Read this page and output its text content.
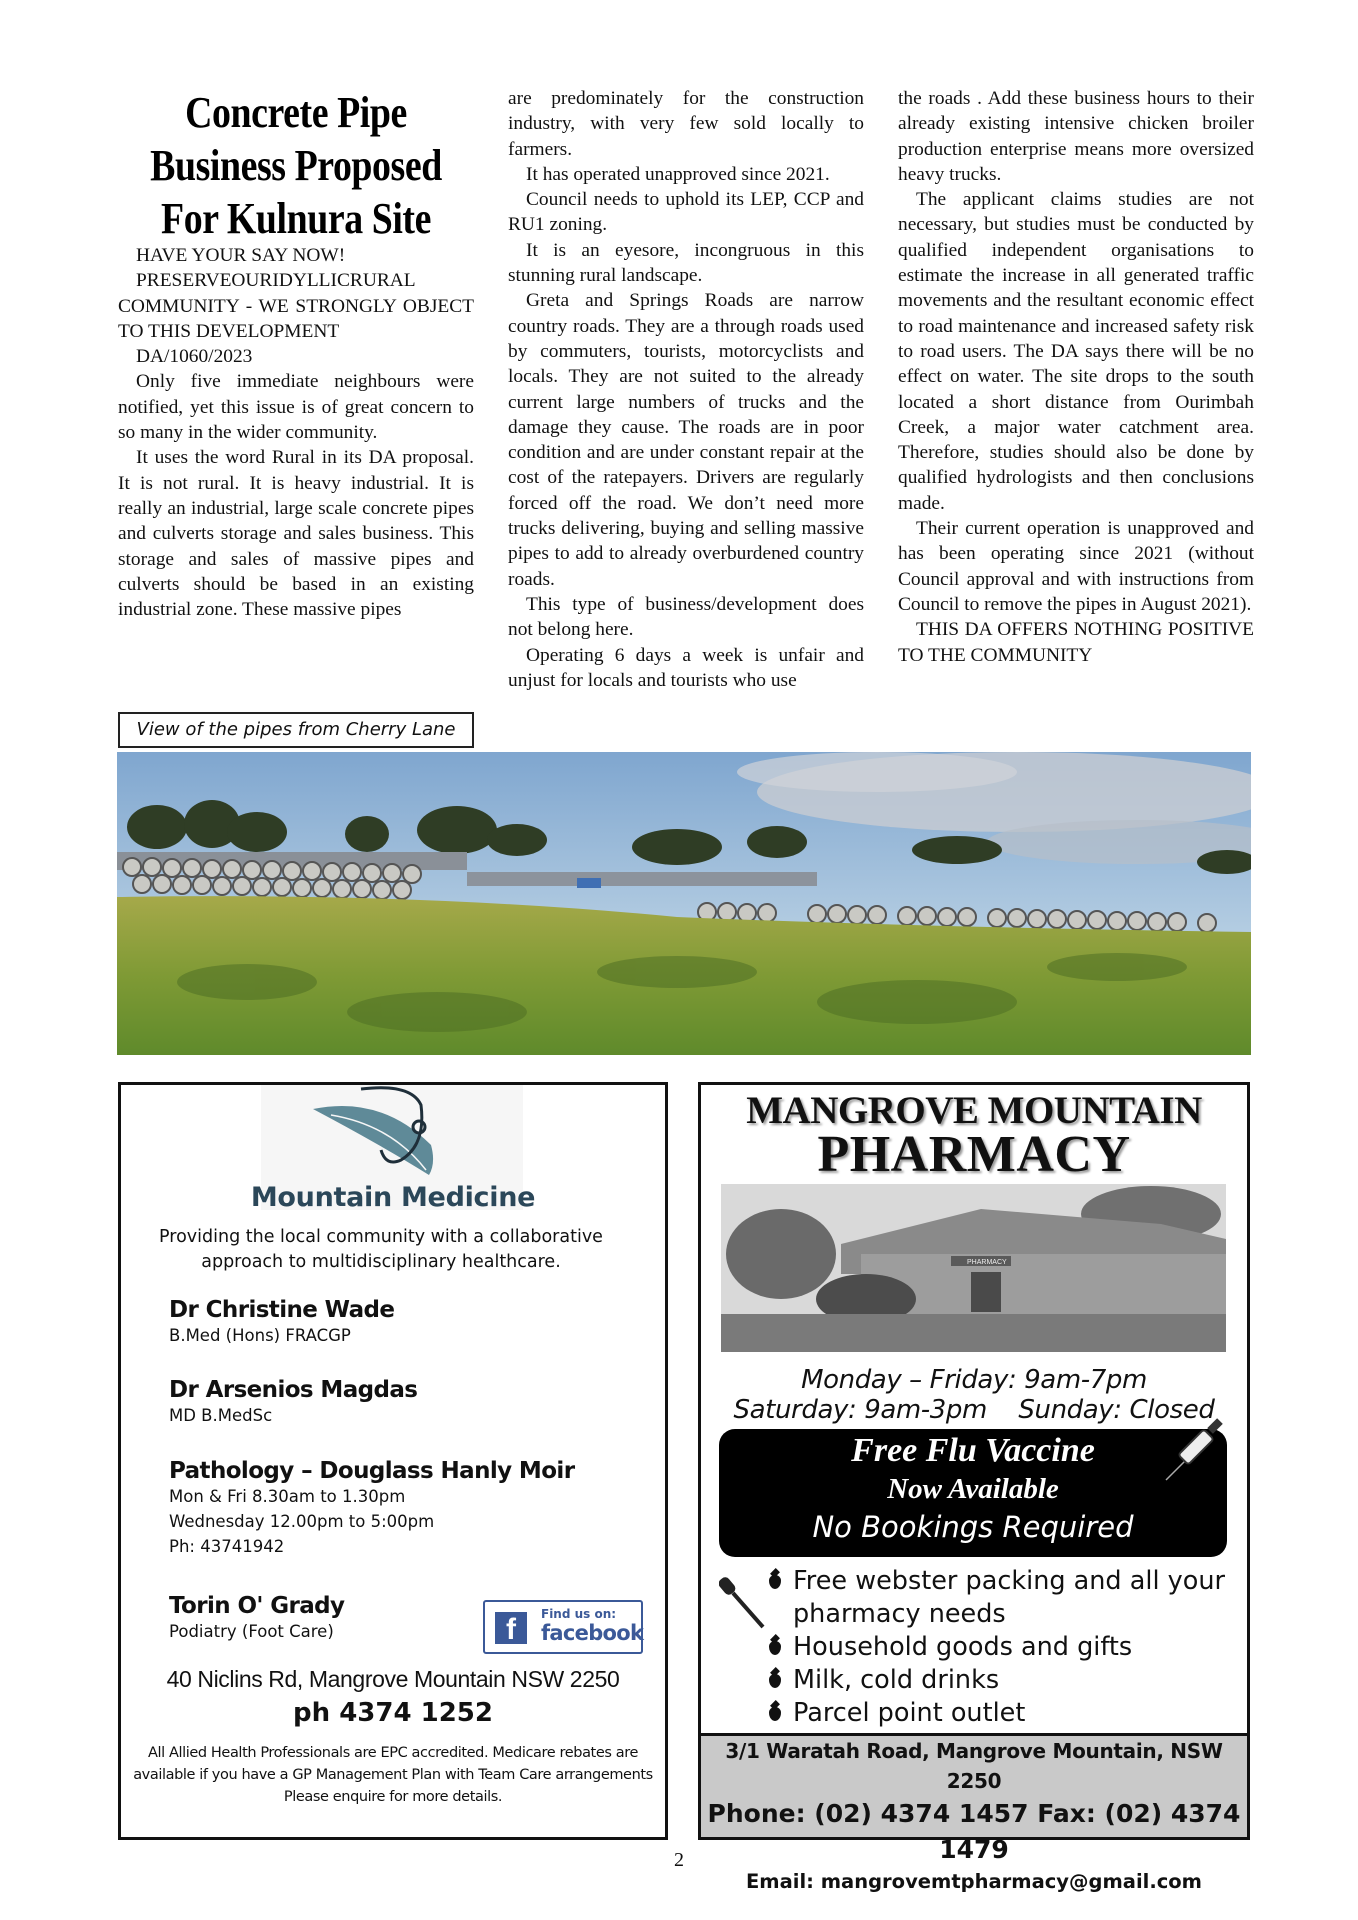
Concrete Pipe
Business Proposed
For Kulnura Site

HAVE YOUR SAY NOW!

PRESERVEOURIDYLLICRURAL COMMUNITY - WE STRONGLY OBJECT TO THIS DEVELOPMENT

DA/1060/2023

Only five immediate neighbours were notified, yet this issue is of great concern to so many in the wider community.

It uses the word Rural in its DA proposal. It is not rural. It is heavy industrial. It is really an industrial, large scale concrete pipes and culverts storage and sales business. This storage and sales of massive pipes and culverts should be based in an existing industrial zone. These massive pipes

are predominately for the construction industry, with very few sold locally to farmers.

It has operated unapproved since 2021.

Council needs to uphold its LEP, CCP and RU1 zoning.

It is an eyesore, incongruous in this stunning rural landscape.

Greta and Springs Roads are narrow country roads. They are a through roads used by commuters, tourists, motorcyclists and locals. They are not suited to the already current large numbers of trucks and the damage they cause. The roads are in poor condition and are under constant repair at the cost of the ratepayers. Drivers are regularly forced off the road. We don’t need more trucks delivering, buying and selling massive pipes to add to already overburdened country roads.

This type of business/development does not belong here.

Operating 6 days a week is unfair and unjust for locals and tourists who use

the roads . Add these business hours to their already existing intensive chicken broiler production enterprise means more oversized heavy trucks.

The applicant claims studies are not necessary, but studies must be conducted by qualified independent organisations to estimate the increase in all generated traffic movements and the resultant economic effect to road maintenance and increased safety risk to road users. The DA says there will be no effect on water. The site drops to the south located a short distance from Ourimbah Creek, a major water catchment area. Therefore, studies should also be done by qualified hydrologists and then conclusions made.

Their current operation is unapproved and has been operating since 2021 (without Council approval and with instructions from Council to remove the pipes in August 2021).

THIS DA OFFERS NOTHING POSITIVE TO THE COMMUNITY

View of the pipes from Cherry Lane
Mountain Medicine
Providing the local community with a collaborative approach to multidisciplinary healthcare.
Dr Christine Wade
B.Med (Hons) FRACGP
Dr Arsenios Magdas
MD B.MedSc
Pathology – Douglass Hanly Moir
Mon & Fri 8.30am to 1.30pm
Wednesday 12.00pm to 5:00pm
Ph: 43741942
Torin O' Grady
Podiatry (Foot Care)	f	Find us on:
facebook
40 Niclins Rd, Mangrove Mountain NSW 2250
ph 4374 1252
All Allied Health Professionals are EPC accredited. Medicare rebates are
available if you have a GP Management Plan with Team Care arrangements
Please enquire for more details.
MANGROVE MOUNTAIN
PHARMACY
PHARMACY
Monday – Friday: 9am-7pm
Saturday: 9am-3pm    Sunday: Closed
Free Flu Vaccine
Now Available
No Bookings Required
Free webster packing and all your
pharmacy needs
Household goods and gifts
Milk, cold drinks
Parcel point outlet
3/1 Waratah Road, Mangrove Mountain, NSW 2250
Phone: (02) 4374 1457 Fax: (02) 4374 1479
Email: mangrovemtpharmacy@gmail.com
2
